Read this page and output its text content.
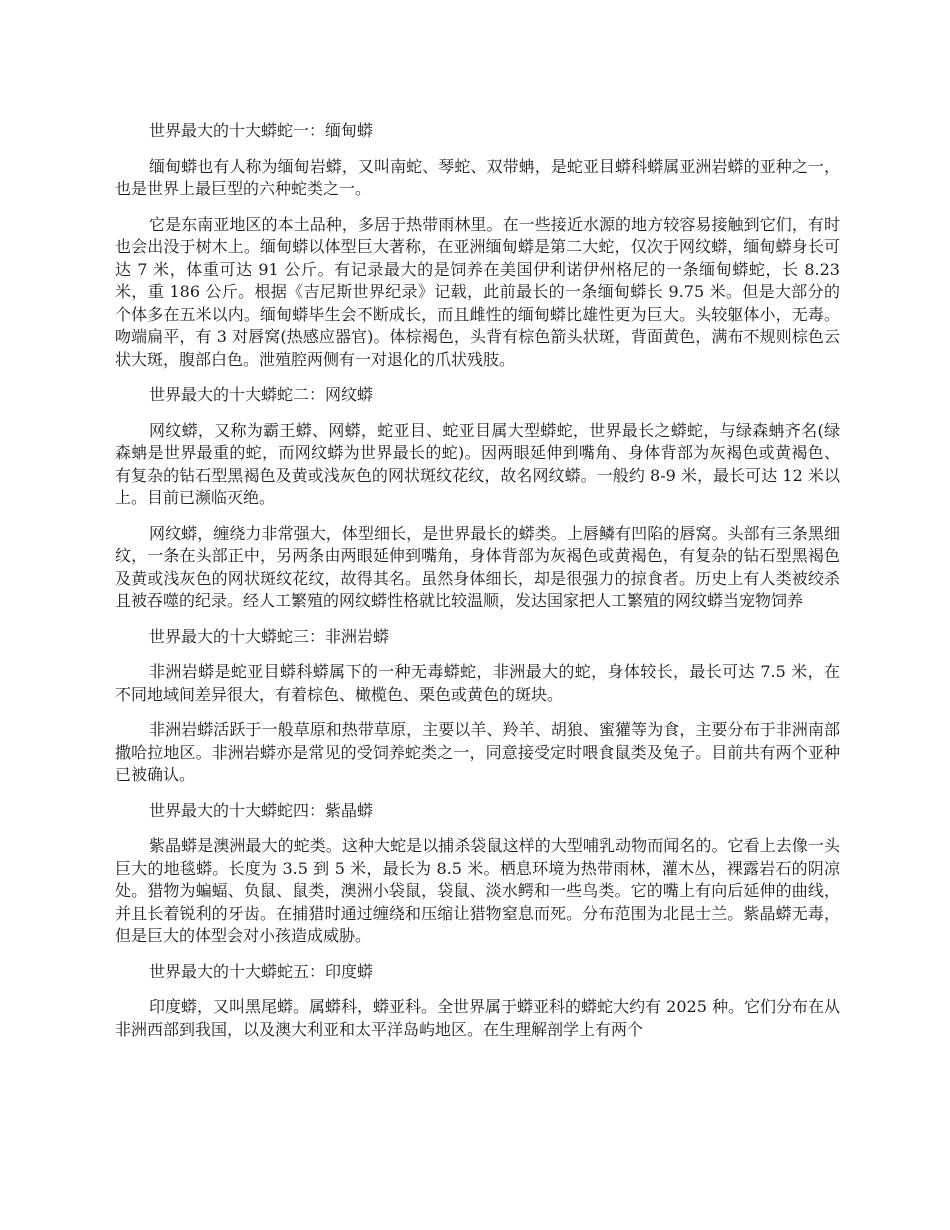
世界最大的十大蟒蛇一：缅甸蟒

缅甸蟒也有人称为缅甸岩蟒，又叫南蛇、琴蛇、双带蚺，是蛇亚目蟒科蟒属亚洲岩蟒的亚种之一，也是世界上最巨型的六种蛇类之一。

它是东南亚地区的本土品种，多居于热带雨林里。在一些接近水源的地方较容易接触到它们，有时也会出没于树木上。缅甸蟒以体型巨大著称，在亚洲缅甸蟒是第二大蛇，仅次于网纹蟒，缅甸蟒身长可达 7 米，体重可达 91 公斤。有记录最大的是饲养在美国伊利诺伊州格尼的一条缅甸蟒蛇，长 8.23 米，重 186 公斤。根据《吉尼斯世界纪录》记载，此前最长的一条缅甸蟒长 9.75 米。但是大部分的个体多在五米以内。缅甸蟒毕生会不断成长，而且雌性的缅甸蟒比雄性更为巨大。头较躯体小，无毒。吻端扁平，有 3 对唇窝(热感应器官)。体棕褐色，头背有棕色箭头状斑，背面黄色，满布不规则棕色云状大斑，腹部白色。泄殖腔两侧有一对退化的爪状残肢。

世界最大的十大蟒蛇二：网纹蟒

网纹蟒，又称为霸王蟒、网蟒，蛇亚目、蛇亚目属大型蟒蛇，世界最长之蟒蛇，与绿森蚺齐名(绿森蚺是世界最重的蛇，而网纹蟒为世界最长的蛇)。因两眼延伸到嘴角、身体背部为灰褐色或黄褐色、有复杂的钻石型黑褐色及黄或浅灰色的网状斑纹花纹，故名网纹蟒。一般约 8-9 米，最长可达 12 米以上。目前已濒临灭绝。

网纹蟒，缠绕力非常强大，体型细长，是世界最长的蟒类。上唇鳞有凹陷的唇窝。头部有三条黑细纹，一条在头部正中，另两条由两眼延伸到嘴角，身体背部为灰褐色或黄褐色，有复杂的钻石型黑褐色及黄或浅灰色的网状斑纹花纹，故得其名。虽然身体细长，却是很强力的掠食者。历史上有人类被绞杀且被吞噬的纪录。经人工繁殖的网纹蟒性格就比较温顺，发达国家把人工繁殖的网纹蟒当宠物饲养

世界最大的十大蟒蛇三：非洲岩蟒

非洲岩蟒是蛇亚目蟒科蟒属下的一种无毒蟒蛇，非洲最大的蛇，身体较长，最长可达 7.5 米，在不同地域间差异很大，有着棕色、橄榄色、栗色或黄色的斑块。

非洲岩蟒活跃于一般草原和热带草原，主要以羊、羚羊、胡狼、蜜獾等为食，主要分布于非洲南部撒哈拉地区。非洲岩蟒亦是常见的受饲养蛇类之一，同意接受定时喂食鼠类及兔子。目前共有两个亚种已被确认。

世界最大的十大蟒蛇四：紫晶蟒

紫晶蟒是澳洲最大的蛇类。这种大蛇是以捕杀袋鼠这样的大型哺乳动物而闻名的。它看上去像一头巨大的地毯蟒。长度为 3.5 到 5 米，最长为 8.5 米。栖息环境为热带雨林，灌木丛，裸露岩石的阴凉处。猎物为蝙蝠、负鼠、鼠类，澳洲小袋鼠，袋鼠、淡水鳄和一些鸟类。它的嘴上有向后延伸的曲线，并且长着锐利的牙齿。在捕猎时通过缠绕和压缩让猎物窒息而死。分布范围为北昆士兰。紫晶蟒无毒，但是巨大的体型会对小孩造成威胁。

世界最大的十大蟒蛇五：印度蟒

印度蟒，又叫黑尾蟒。属蟒科，蟒亚科。全世界属于蟒亚科的蟒蛇大约有 2025 种。它们分布在从非洲西部到我国，以及澳大利亚和太平洋岛屿地区。在生理解剖学上有两个
